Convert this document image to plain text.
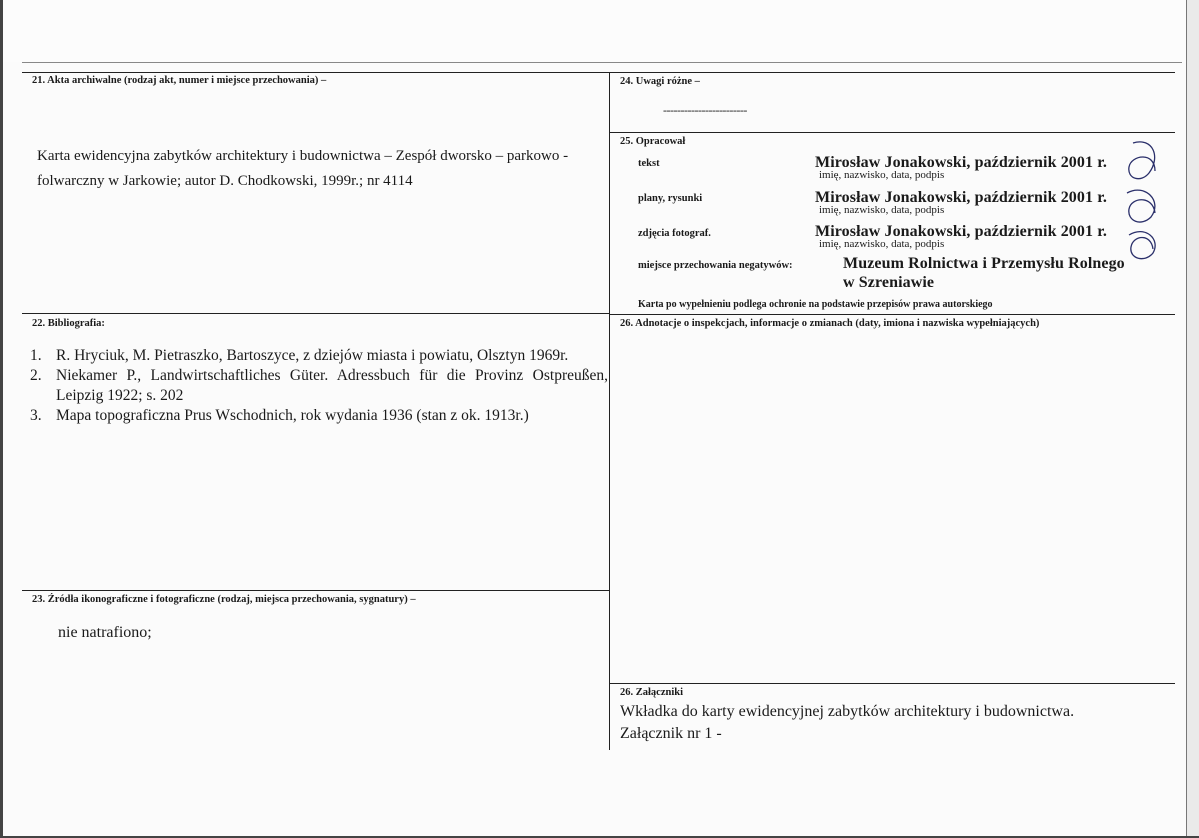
21. Akta archiwalne (rodzaj akt, numer i miejsce przechowania) –
Karta ewidencyjna zabytków architektury i budownictwa – Zespół dworsko – parkowo -
folwarczny w Jarkowie; autor D. Chodkowski, 1999r.; nr 4114
22. Bibliografia:
1. R. Hryciuk, M. Pietraszko, Bartoszyce, z dziejów miasta i powiatu, Olsztyn 1969r.
2. Niekamer P., Landwirtschaftliches Güter. Adressbuch für die Provinz Ostpreußen, Leipzig 1922; s. 202
3. Mapa topograficzna Prus Wschodnich, rok wydania 1936 (stan z ok. 1913r.)
23. Źródła ikonograficzne i fotograficzne (rodzaj, miejsca przechowania, sygnatury) –
nie natrafiono;
24. Uwagi różne –
------------------------
25. Opracował
tekst	Mirosław Jonakowski, październik 2001 r.
imię, nazwisko, data, podpis
plany, rysunki	Mirosław Jonakowski, październik 2001 r.
imię, nazwisko, data, podpis
zdjęcia fotograf.	Mirosław Jonakowski, październik 2001 r.
imię, nazwisko, data, podpis
miejsce przechowania negatywów:	Muzeum Rolnictwa i Przemysłu Rolnego
w Szreniawie
Karta po wypełnieniu podlega ochronie na podstawie przepisów prawa autorskiego
26. Adnotacje o inspekcjach, informacje o zmianach (daty, imiona i nazwiska wypełniających)
26. Załączniki
Wkładka do karty ewidencyjnej zabytków architektury i budownictwa.
Załącznik nr 1 -
